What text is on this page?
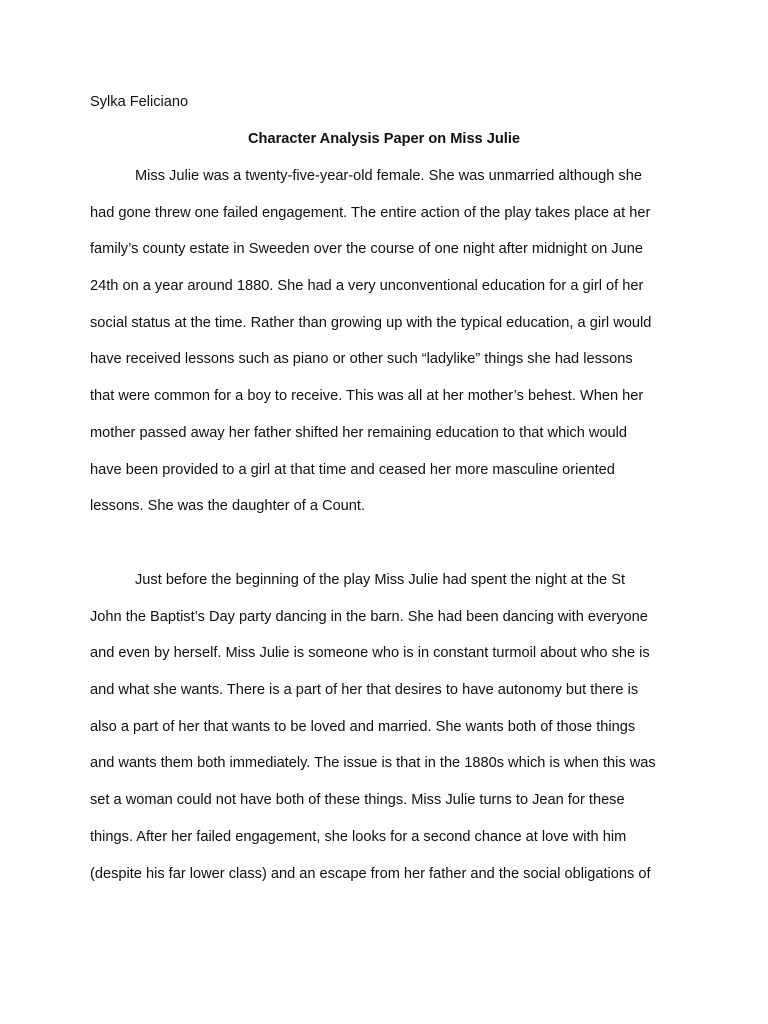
Sylka Feliciano
Character Analysis Paper on Miss Julie
Miss Julie was a twenty-five-year-old female. She was unmarried although she
had gone threw one failed engagement. The entire action of the play takes place at her
family’s county estate in Sweeden over the course of one night after midnight on June
24th on a year around 1880. She had a very unconventional education for a girl of her
social status at the time. Rather than growing up with the typical education, a girl would
have received lessons such as piano or other such “ladylike” things she had lessons
that were common for a boy to receive. This was all at her mother’s behest. When her
mother passed away her father shifted her remaining education to that which would
have been provided to a girl at that time and ceased her more masculine oriented
lessons. She was the daughter of a Count.
Just before the beginning of the play Miss Julie had spent the night at the St
John the Baptist’s Day party dancing in the barn. She had been dancing with everyone
and even by herself. Miss Julie is someone who is in constant turmoil about who she is
and what she wants. There is a part of her that desires to have autonomy but there is
also a part of her that wants to be loved and married. She wants both of those things
and wants them both immediately. The issue is that in the 1880s which is when this was
set a woman could not have both of these things. Miss Julie turns to Jean for these
things. After her failed engagement, she looks for a second chance at love with him
(despite his far lower class) and an escape from her father and the social obligations of
